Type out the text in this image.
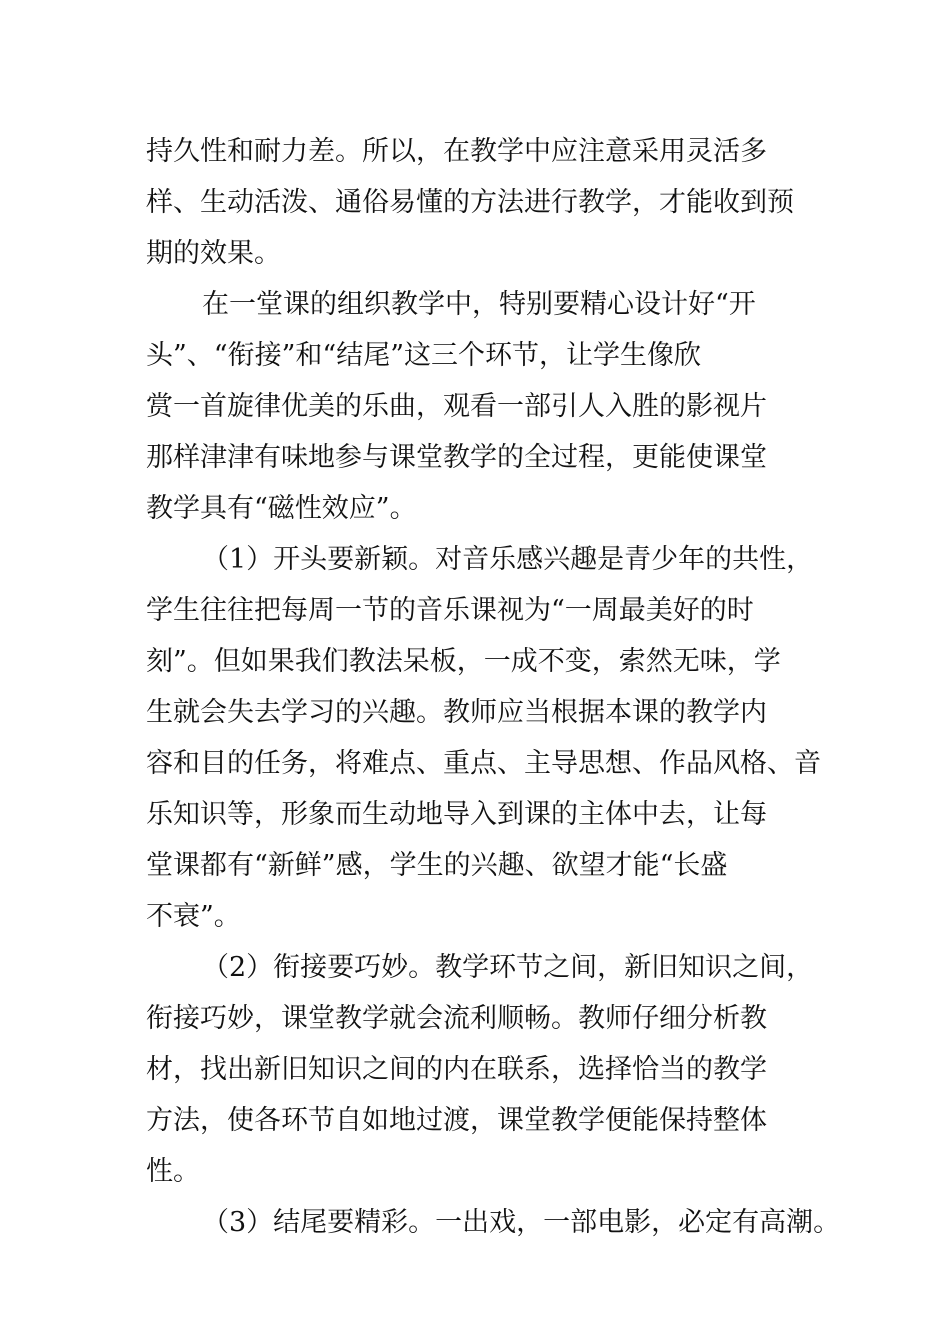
持久性和耐力差。所以，在教学中应注意采用灵活多
样、生动活泼、通俗易懂的方法进行教学，才能收到预
期的效果。
在一堂课的组织教学中，特别要精心设计好“开
头”、“衔接”和“结尾”这三个环节，让学生像欣
赏一首旋律优美的乐曲，观看一部引人入胜的影视片
那样津津有味地参与课堂教学的全过程，更能使课堂
教学具有“磁性效应”。
（1）开头要新颖。对音乐感兴趣是青少年的共性，
学生往往把每周一节的音乐课视为“一周最美好的时
刻”。但如果我们教法呆板，一成不变，索然无味，学
生就会失去学习的兴趣。教师应当根据本课的教学内
容和目的任务，将难点、重点、主导思想、作品风格、音
乐知识等，形象而生动地导入到课的主体中去，让每
堂课都有“新鲜”感，学生的兴趣、欲望才能“长盛
不衰”。
（2）衔接要巧妙。教学环节之间，新旧知识之间，
衔接巧妙，课堂教学就会流利顺畅。教师仔细分析教
材，找出新旧知识之间的内在联系，选择恰当的教学
方法，使各环节自如地过渡，课堂教学便能保持整体
性。
（3）结尾要精彩。一出戏，一部电影，必定有高潮。
